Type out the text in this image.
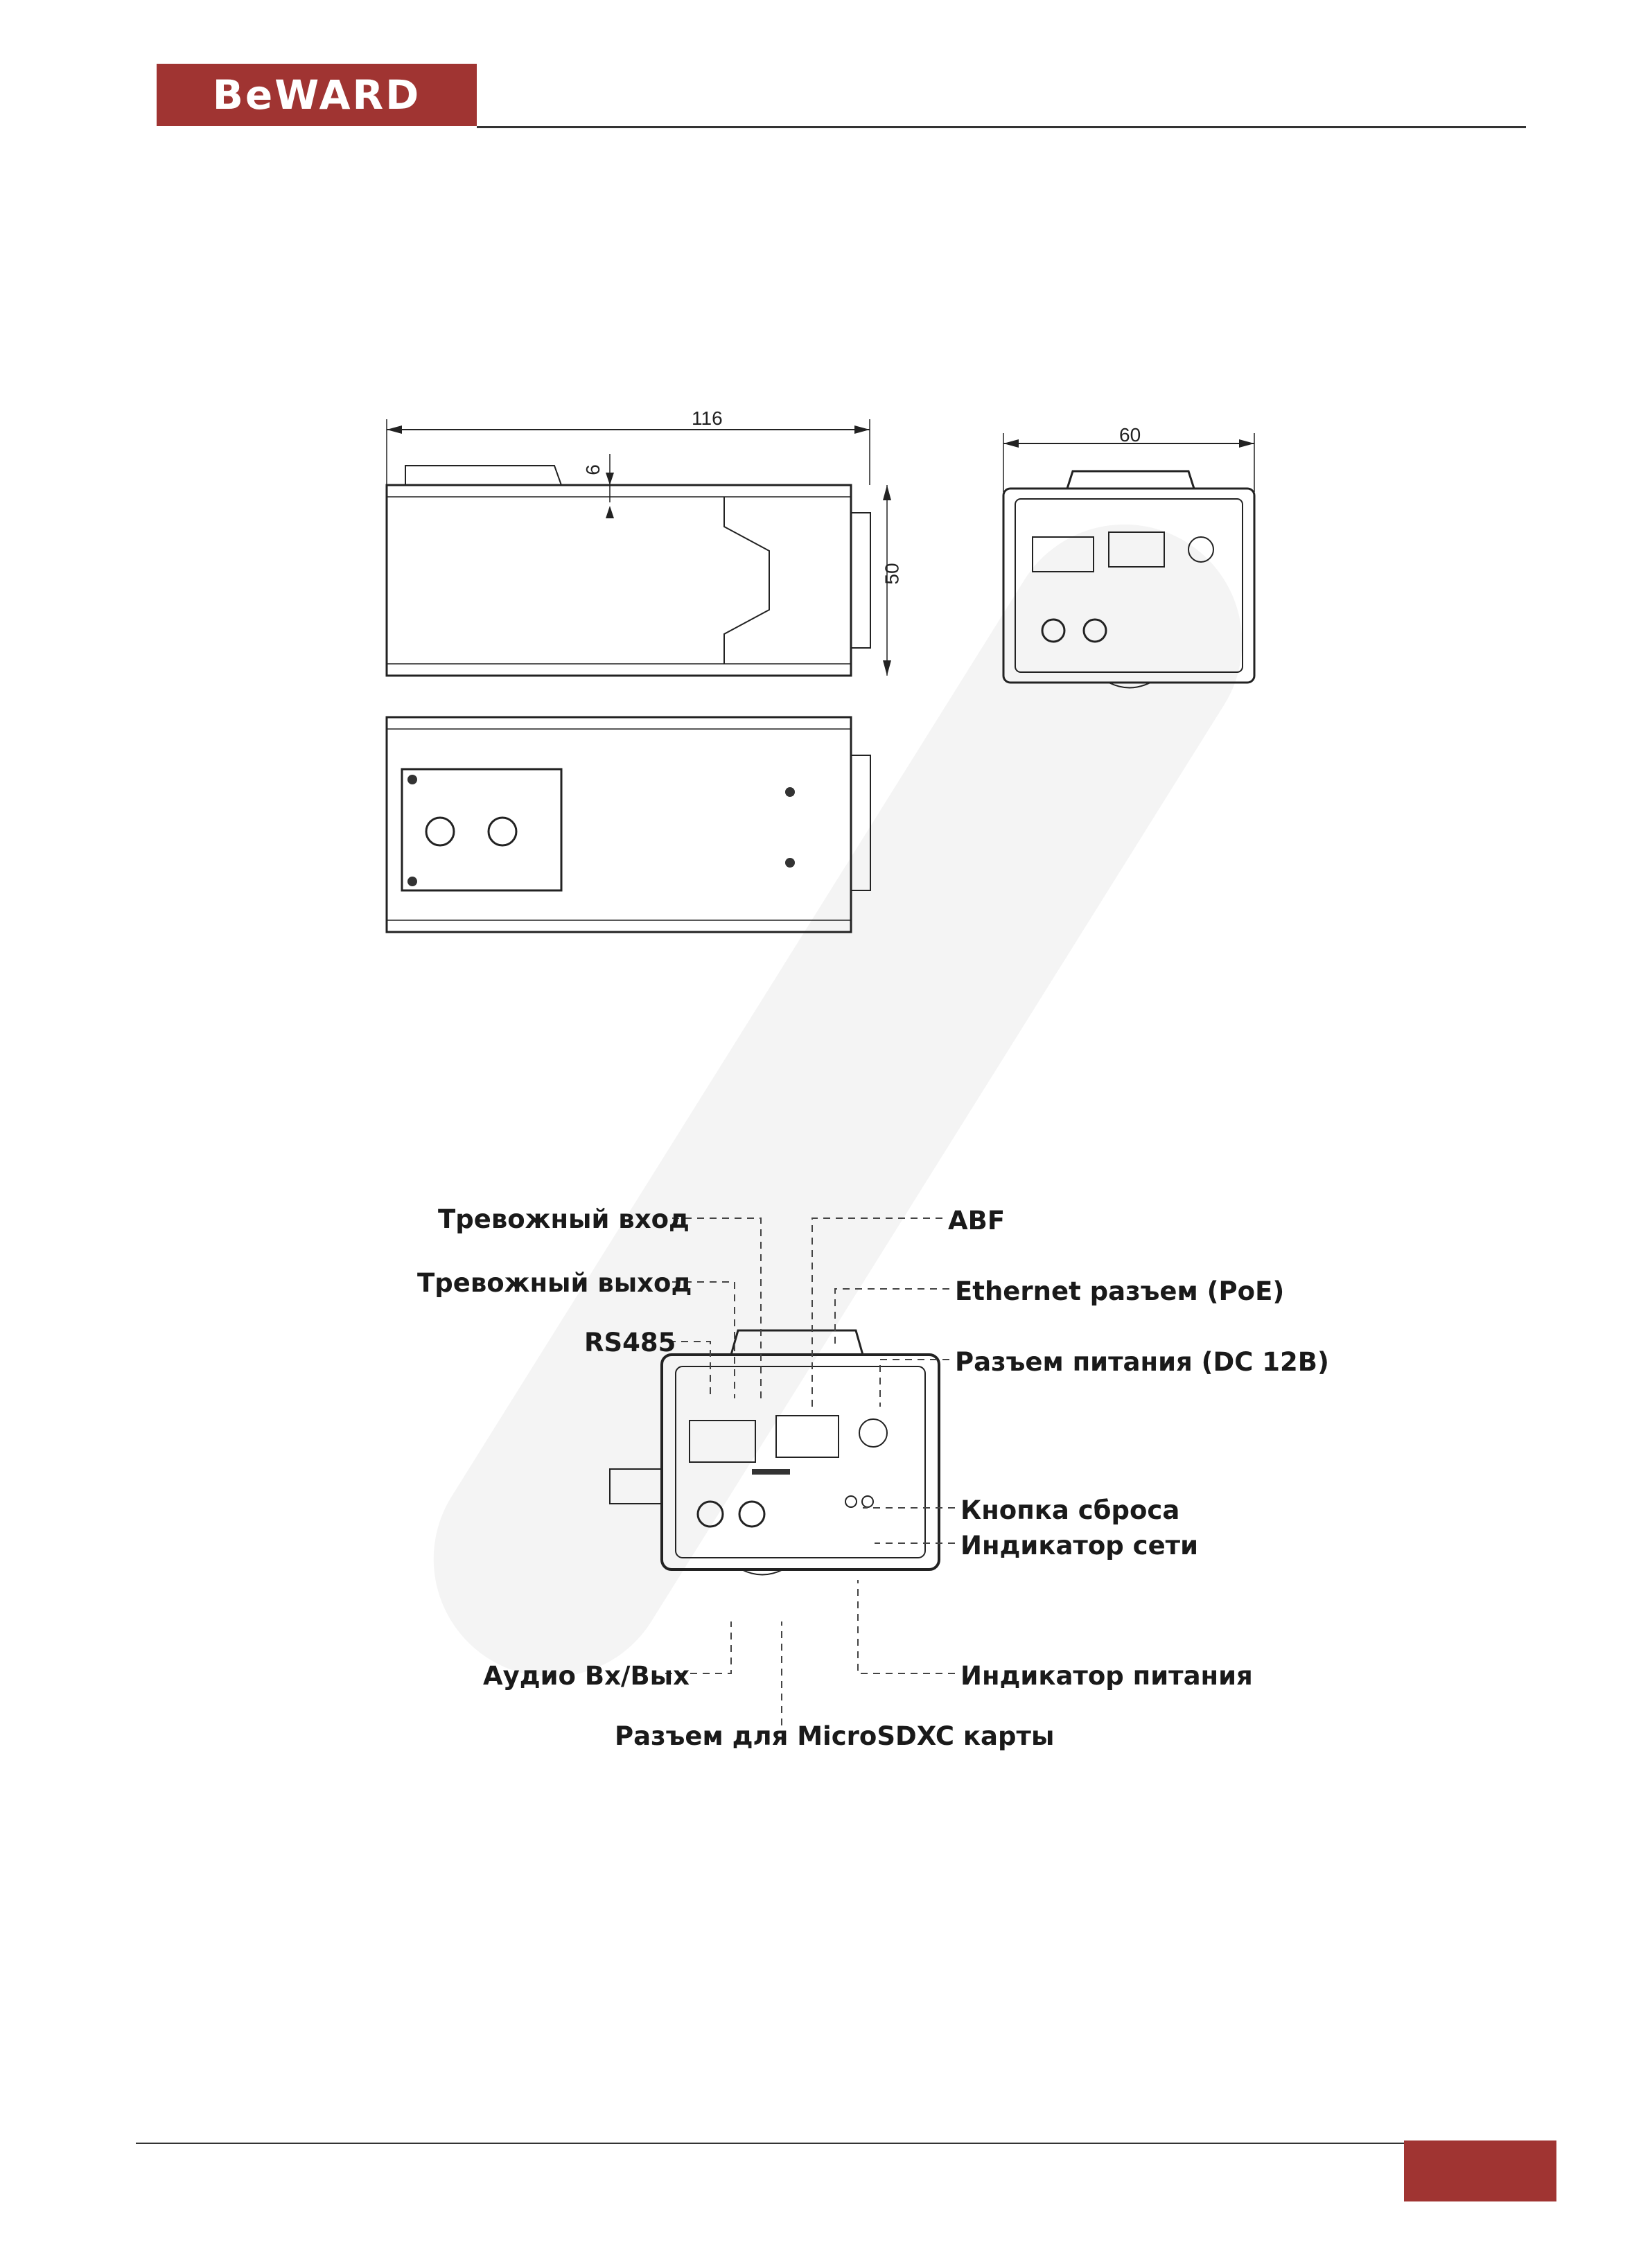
BeWARD
116
6
50
60
Тревожный вход
Тревожный выход
RS485
ABF
Ethernet разъем (PoE)
Разъем питания (DC 12В)
Кнопка сброса
Индикатор сети
Аудио Вх/Вых	Индикатор питания
Разъем для MicroSDXC карты
